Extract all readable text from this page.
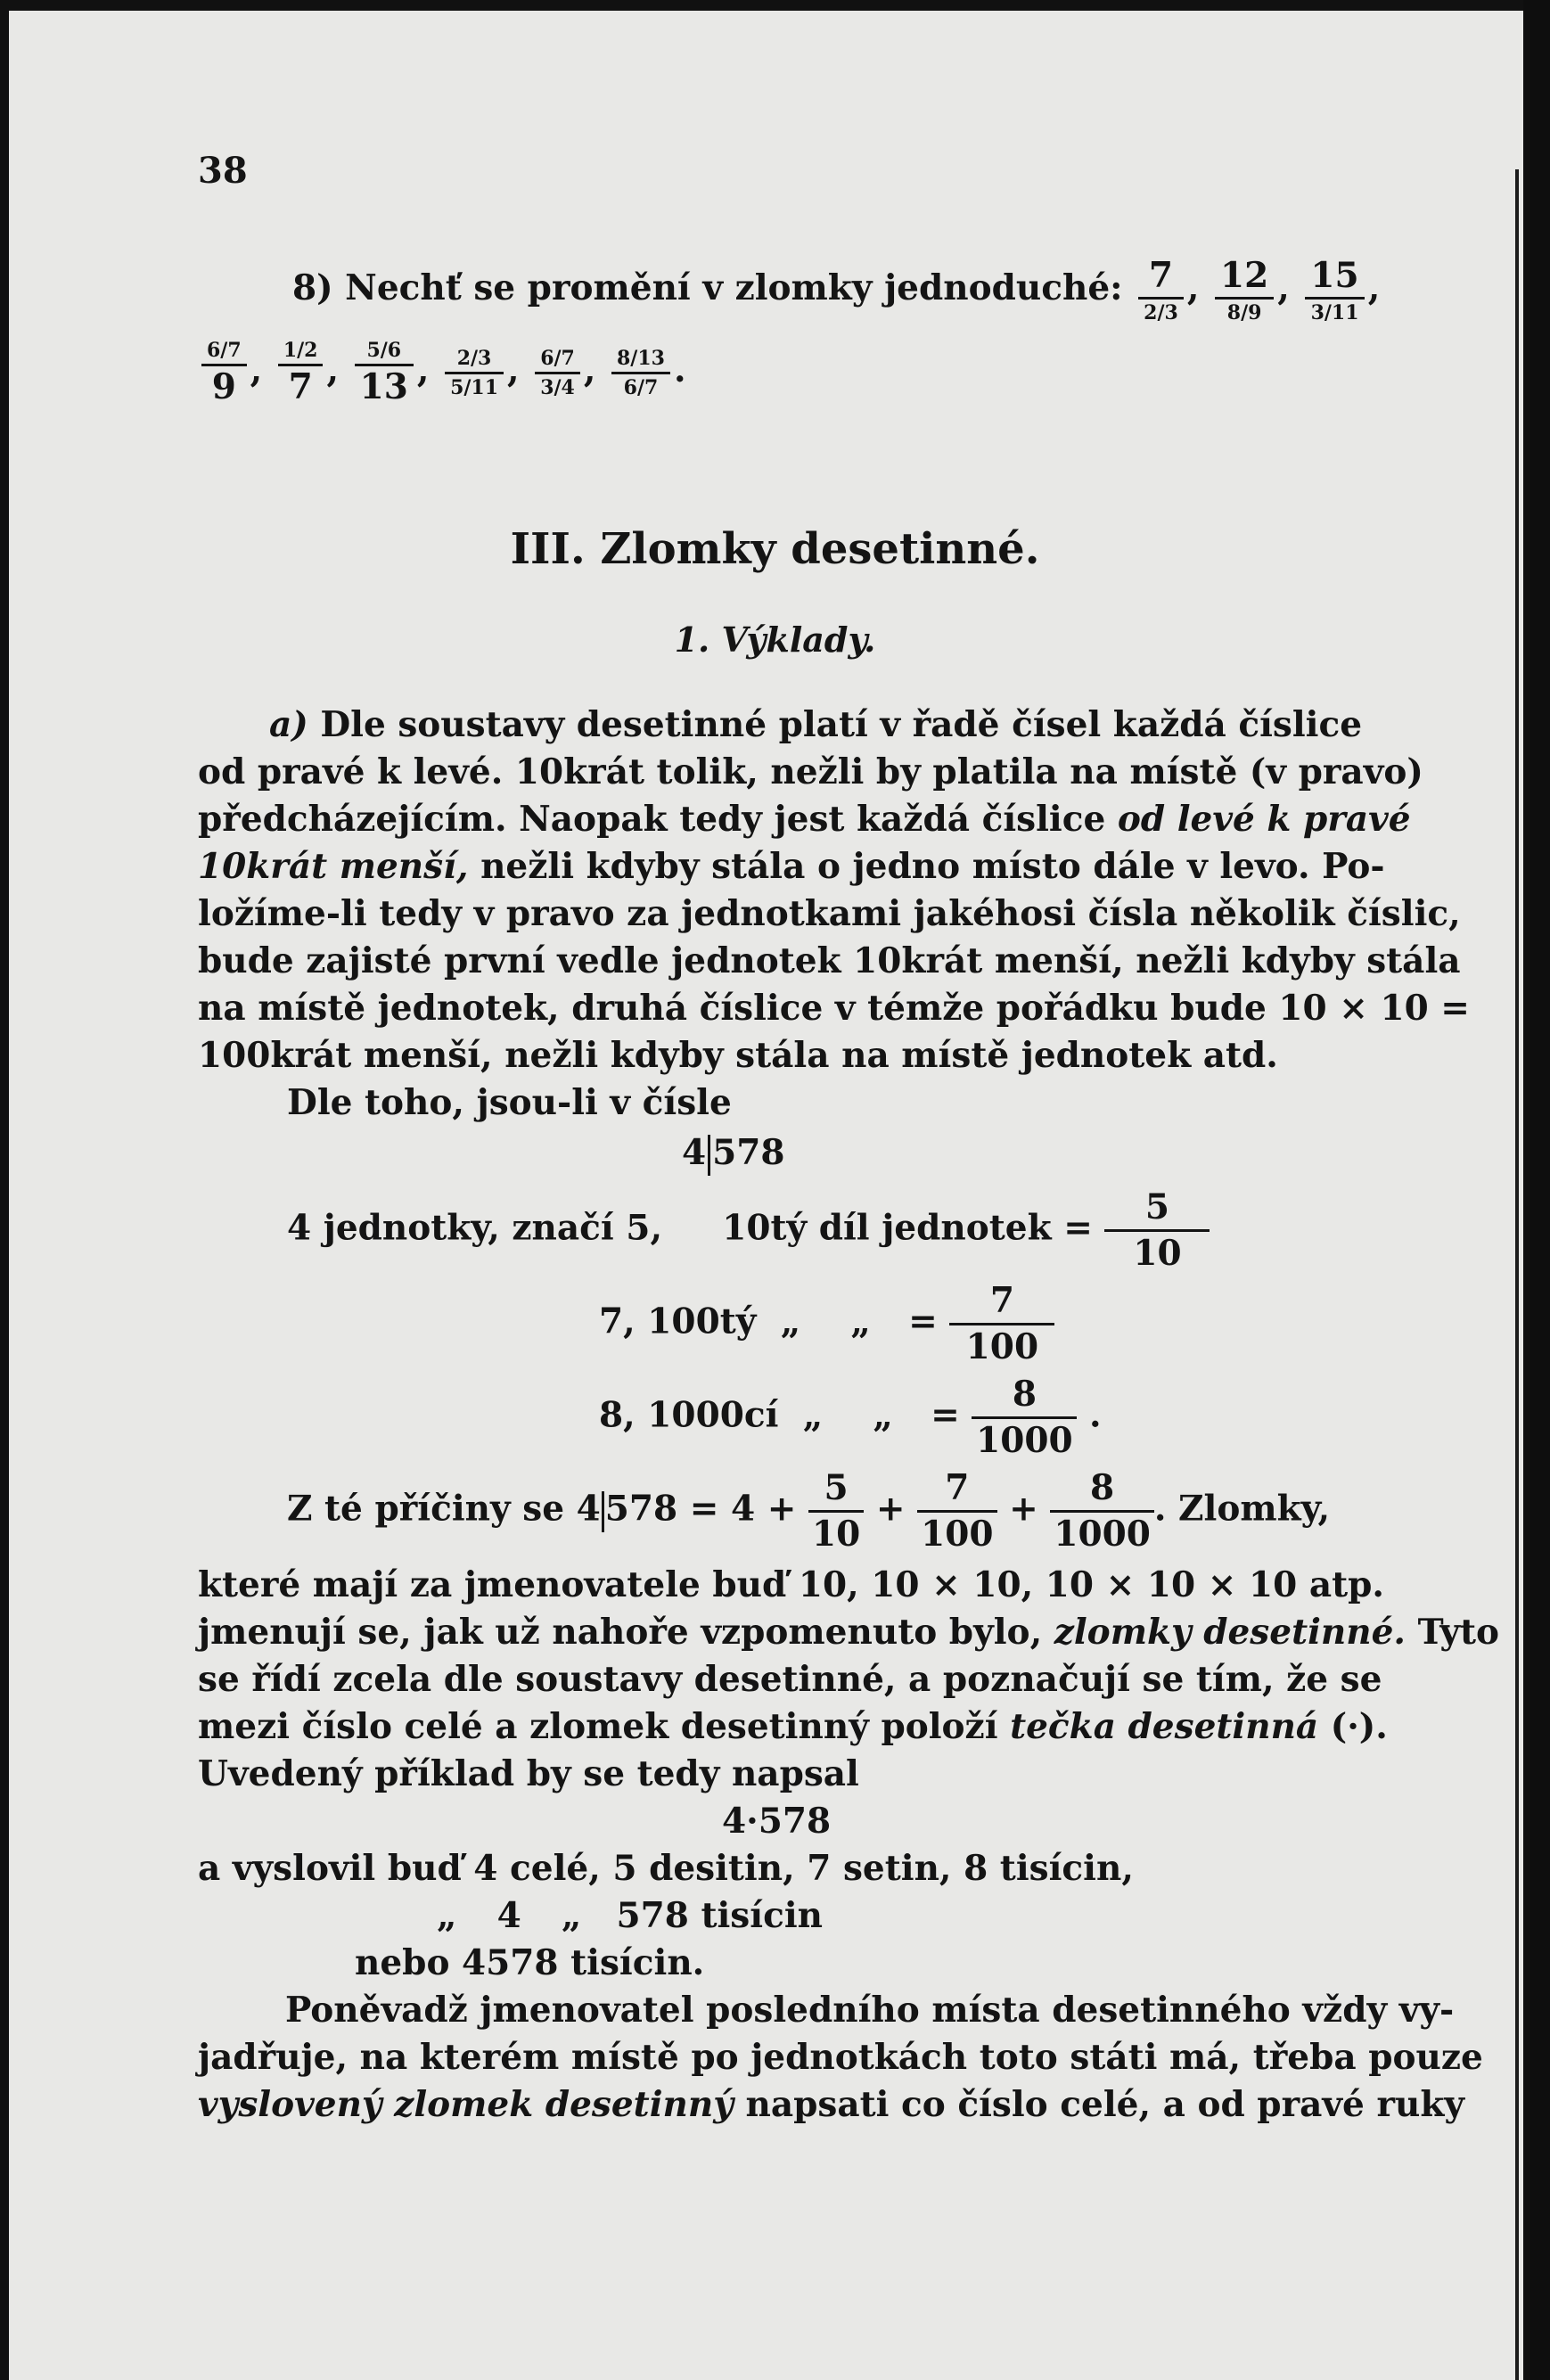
38
8) Nechť se promění v zlomky jednoduché: $\frac{7}{2/3}$ , $\frac{12}{8/9}$ , $\frac{15}{3/11}$ ,
$\frac{6/7}{9}$ , $\frac{1/2}{7}$ , $\frac{5/6}{13}$ , $\frac{2/3}{5/11}$ , $\frac{6/7}{3/4}$ , $\frac{8/13}{6/7}$ .
III. Zlomky desetinné.
1. Výklady.
a) Dle soustavy desetinné platí v řadě čísel každá číslice
od pravé k levé. 10krát tolik, nežli by platila na místě (v pravo)
předcházejícím. Naopak tedy jest každá číslice od levé k pravé
10krát menší, nežli kdyby stála o jedno místo dále v levo. Po-
ložíme-li tedy v pravo za jednotkami jakéhosi čísla několik číslic,
bude zajisté první vedle jednotek 10krát menší, nežli kdyby stála
na místě jednotek, druhá číslice v témže pořádku bude 10 × 10 =
100krát menší, nežli kdyby stála na místě jednotek atd.
Dle toho, jsou-li v čísle
4 578
4 jednotky, značí 5, 10tý díl jednotek = $\frac{5}{10}$
7, 100tý „ „ = $\frac{7}{100}$
8, 1000cí „ „ = $\frac{8}{1000}$ .
Z té příčiny se 4 $578 = 4 + \frac{5}{10} + \frac{7}{100} + \frac{8}{1000}$ . Zlomky,
které mají za jmenovatele buď 10, 10 × 10, 10 × 10 × 10 atp.
jmenují se, jak už nahoře vzpomenuto bylo, zlomky desetinné. Tyto
se řídí zcela dle soustavy desetinné, a poznačují se tím, že se
mezi číslo celé a zlomek desetinný položí tečka desetinná (·).
Uvedený příklad by se tedy napsal
4·578
a vyslovil buď 4 celé, 5 desitin, 7 setin, 8 tisícin,
„ 4 „ 578 tisícin
nebo 4578 tisícin.
Poněvadž jmenovatel posledního místa desetinného vždy vy-
jadřuje, na kterém místě po jednotkách toto státi má, třeba pouze
vyslovený zlomek desetinný napsati co číslo celé, a od pravé ruky
